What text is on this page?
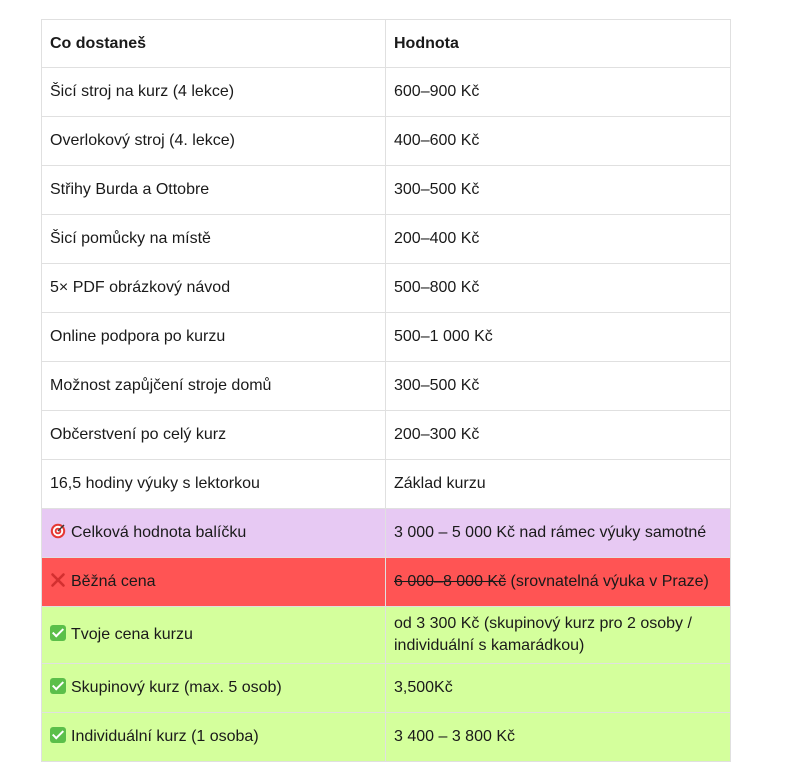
Co dostaneš	Hodnota
Šicí stroj na kurz (4 lekce)	600–900 Kč
Overlokový stroj (4. lekce)	400–600 Kč
Střihy Burda a Ottobre	300–500 Kč
Šicí pomůcky na místě	200–400 Kč
5× PDF obrázkový návod	500–800 Kč
Online podpora po kurzu	500–1 000 Kč
Možnost zapůjčení stroje domů	300–500 Kč
Občerstvení po celý kurz	200–300 Kč
16,5 hodiny výuky s lektorkou	Základ kurzu
Celková hodnota balíčku	3 000 – 5 000 Kč nad rámec výuky samotné
Běžná cena	6 000–8 000 Kč (srovnatelná výuka v Praze)
Tvoje cena kurzu	od 3 300 Kč (skupinový kurz pro 2 osoby / individuální s kamarádkou)
Skupinový kurz (max. 5 osob)	3,500Kč
Individuální kurz (1 osoba)	3 400 – 3 800 Kč
